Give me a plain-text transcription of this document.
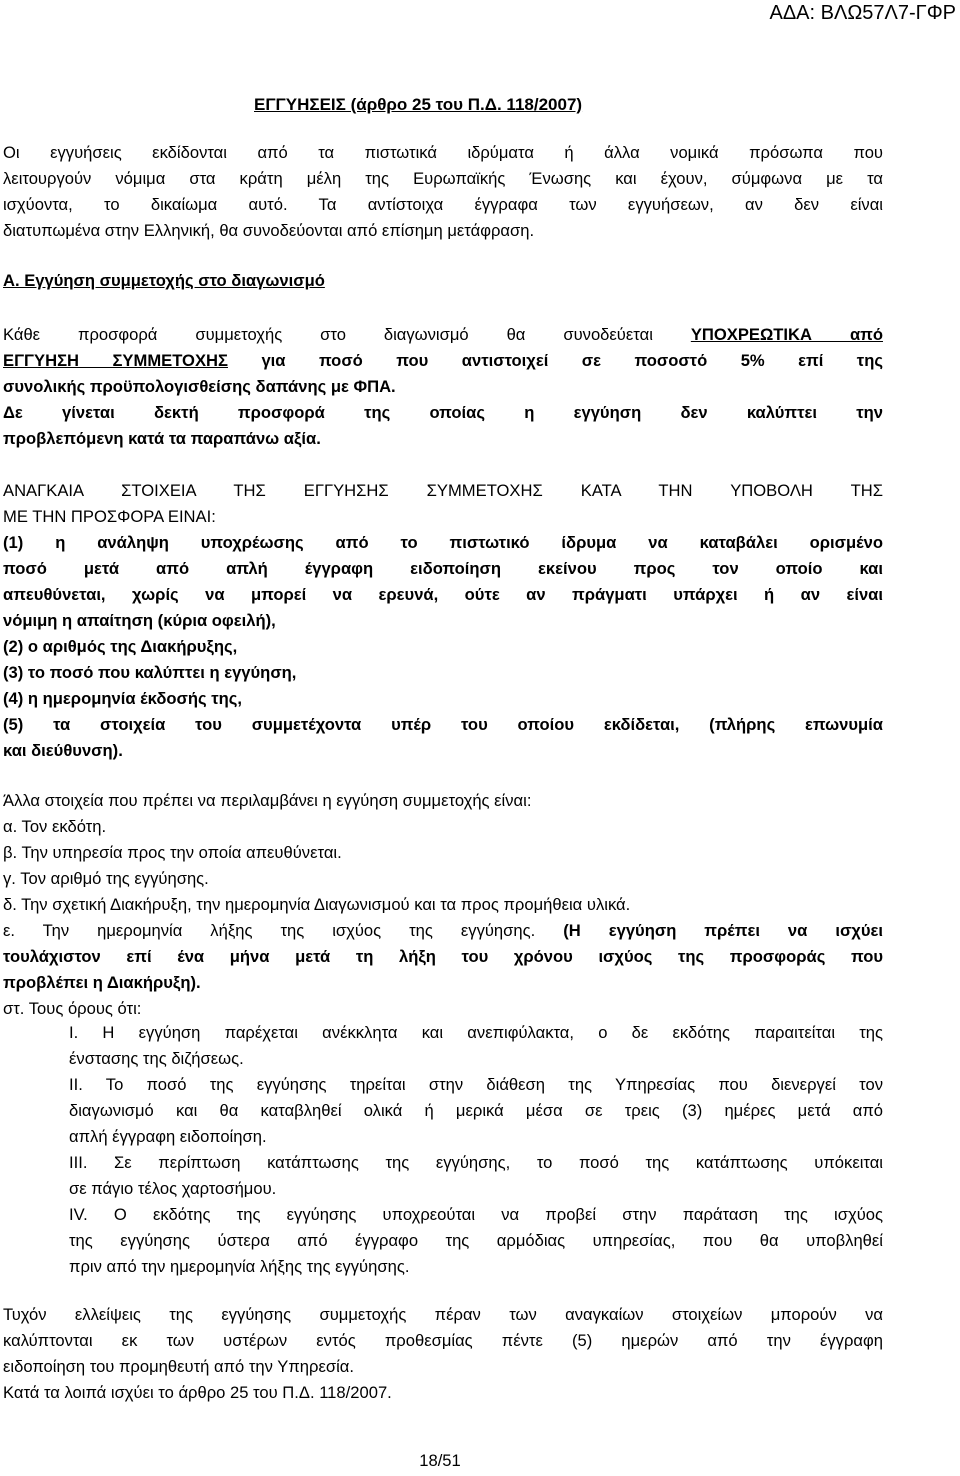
ΑΔΑ: ΒΛΩ57Λ7-ΓΦΡ
ΕΓΓΥΗΣΕΙΣ (άρθρο 25 του Π.Δ. 118/2007)
Οι εγγυήσεις εκδίδονται από τα πιστωτικά ιδρύματα ή άλλα νομικά πρόσωπα που
λειτουργούν νόμιμα στα κράτη μέλη της Ευρωπαϊκής Ένωσης και έχουν, σύμφωνα με τα
ισχύοντα, το δικαίωμα αυτό. Τα αντίστοιχα έγγραφα των εγγυήσεων, αν δεν είναι
διατυπωμένα στην Ελληνική, θα συνοδεύονται από επίσημη μετάφραση.
Α. Εγγύηση συμμετοχής στο διαγωνισμό
Κάθε προσφορά συμμετοχής στο διαγωνισμό θα συνοδεύεται ΥΠΟΧΡΕΩΤΙΚΑ από
ΕΓΓΥΗΣΗ ΣΥΜΜΕΤΟΧΗΣ για ποσό που αντιστοιχεί σε ποσοστό 5% επί της
συνολικής προϋπολογισθείσης δαπάνης με ΦΠΑ.
Δε γίνεται δεκτή προσφορά της οποίας η εγγύηση δεν καλύπτει την
προβλεπόμενη κατά τα παραπάνω αξία.
ΑΝΑΓΚΑΙΑ ΣΤΟΙΧΕΙΑ ΤΗΣ ΕΓΓΥΗΣΗΣ ΣΥΜΜΕΤΟΧΗΣ ΚΑΤΑ ΤΗΝ ΥΠΟΒΟΛΗ ΤΗΣ
ΜΕ ΤΗΝ ΠΡΟΣΦΟΡΑ ΕΙΝΑΙ:
(1) η ανάληψη υποχρέωσης από το πιστωτικό ίδρυμα να καταβάλει ορισμένο
ποσό μετά από απλή έγγραφη ειδοποίηση εκείνου προς τον οποίο και
απευθύνεται, χωρίς να μπορεί να ερευνά, ούτε αν πράγματι υπάρχει ή αν είναι
νόμιμη η απαίτηση (κύρια οφειλή),
(2) ο αριθμός της Διακήρυξης,
(3) το ποσό που καλύπτει η εγγύηση,
(4) η ημερομηνία έκδοσής της,
(5) τα στοιχεία του συμμετέχοντα υπέρ του οποίου εκδίδεται, (πλήρης επωνυμία
και διεύθυνση).
Άλλα στοιχεία που πρέπει να περιλαμβάνει η εγγύηση συμμετοχής είναι:
α. Τον εκδότη.
β. Την υπηρεσία προς την οποία απευθύνεται.
γ. Τον αριθμό της εγγύησης.
δ. Την σχετική Διακήρυξη, την ημερομηνία Διαγωνισμού και τα προς προμήθεια υλικά.
ε. Την ημερομηνία λήξης της ισχύος της εγγύησης. (Η εγγύηση πρέπει να ισχύει
τουλάχιστον επί ένα μήνα μετά τη λήξη του χρόνου ισχύος της προσφοράς που
προβλέπει η Διακήρυξη).
στ. Τους όρους ότι:
Ι. Η εγγύηση παρέχεται ανέκκλητα και ανεπιφύλακτα, ο δε εκδότης παραιτείται της
ένστασης της διζήσεως.
ΙΙ. Το ποσό της εγγύησης τηρείται στην διάθεση της Υπηρεσίας που διενεργεί τον
διαγωνισμό και θα καταβληθεί ολικά ή μερικά μέσα σε τρεις (3) ημέρες μετά από
απλή έγγραφη ειδοποίηση.
ΙΙΙ. Σε περίπτωση κατάπτωσης της εγγύησης, το ποσό της κατάπτωσης υπόκειται
σε πάγιο τέλος χαρτοσήμου.
IV. Ο εκδότης της εγγύησης υποχρεούται να προβεί στην παράταση της ισχύος
της εγγύησης ύστερα από έγγραφο της αρμόδιας υπηρεσίας, που θα υποβληθεί
πριν από την ημερομηνία λήξης της εγγύησης.
Τυχόν ελλείψεις της εγγύησης συμμετοχής πέραν των αναγκαίων στοιχείων μπορούν να
καλύπτονται εκ των υστέρων εντός προθεσμίας πέντε (5) ημερών από την έγγραφη
ειδοποίηση του προμηθευτή από την Υπηρεσία.
Κατά τα λοιπά ισχύει το άρθρο 25 του Π.Δ. 118/2007.
18/51
